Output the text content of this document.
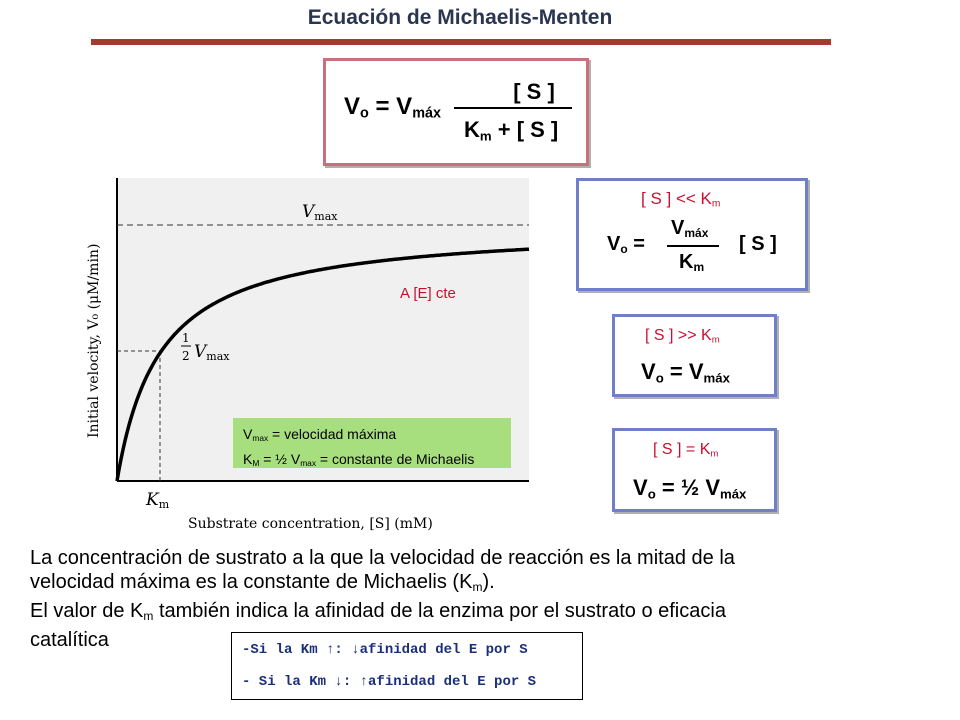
Ecuación de Michaelis-Menten
$V_o = V_{máx}$
[ S ]
$K_m$ + [ S ]
Vmax
1
2 Vmax
Km
Substrate concentration, [S] (mM)
Initial velocity, V₀ (μM/min)	A [E] cte
$V_{max}$ = velocidad máxima
$K_M$ = ½ $V_{max}$ = constante de Michaelis
[ S ] << $K_m$
$V_o$ =
$V_{máx}$
$K_m$
[ S ]
[ S ] >> $K_m$
$V_o = V_{máx}$
[ S ] = $K_m$
$V_o$ = ½ $V_{máx}$

La concentración de sustrato a la que la velocidad de reacción es la mitad de la

velocidad máxima es la constante de Michaelis $(K_m)$.

El valor de $K_m$ también indica la afinidad de la enzima por el sustrato o eficacia

catalítica	-Si la Km ↑: ↓afinidad del E por S
- Si la Km ↓: ↑afinidad del E por S
